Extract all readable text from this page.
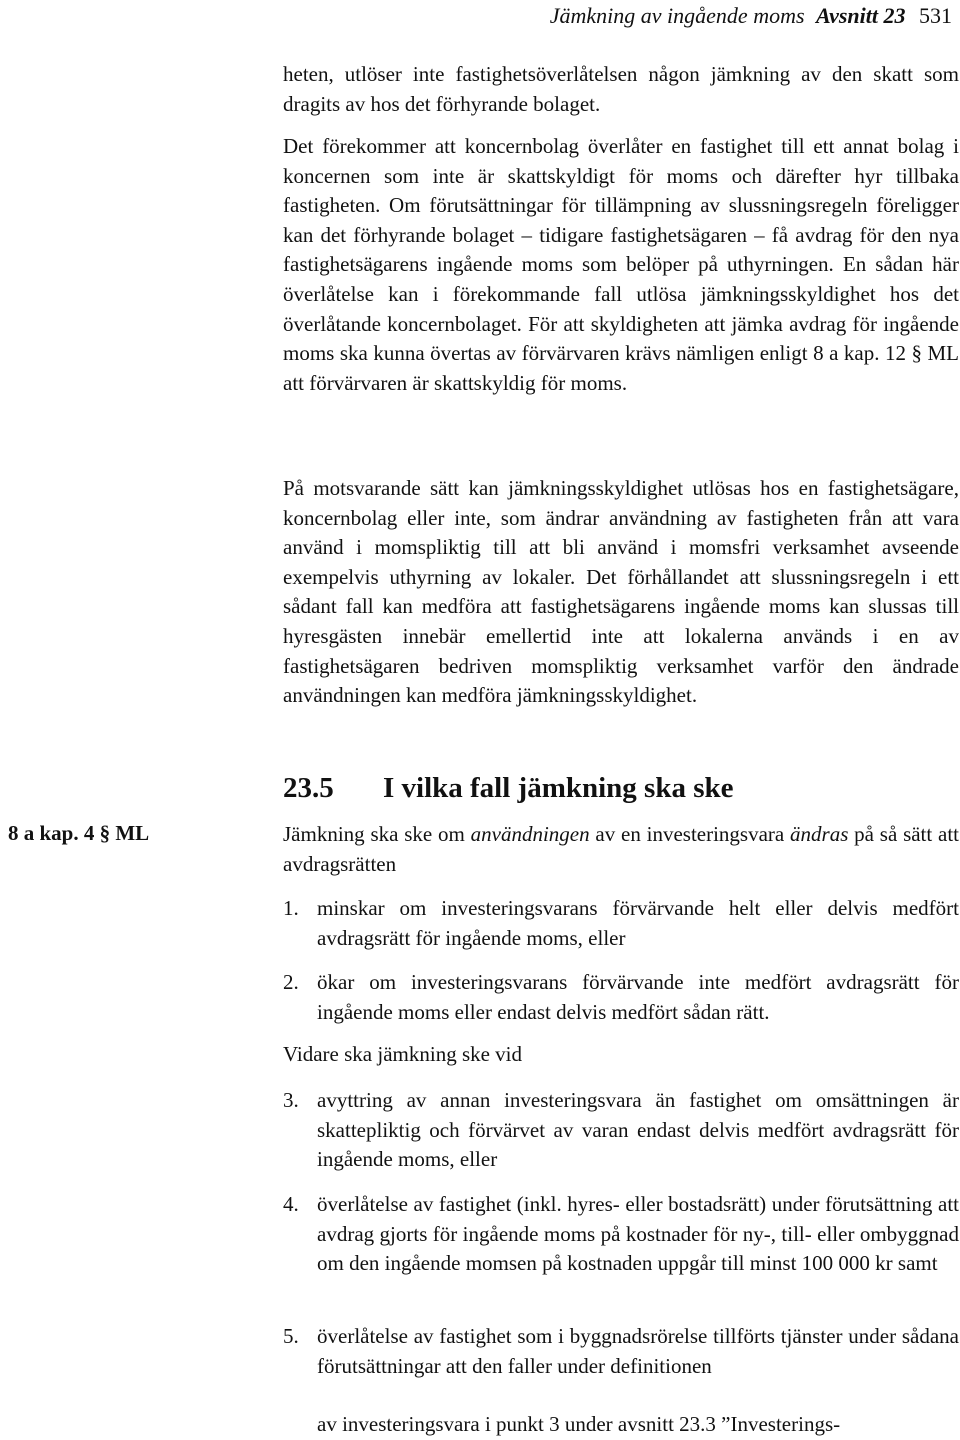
Jämkning av ingående moms Avsnitt 23 531

heten, utlöser inte fastighetsöverlåtelsen någon jämkning av den skatt som dragits av hos det förhyrande bolaget.

Det förekommer att koncernbolag överlåter en fastighet till ett annat bolag i koncernen som inte är skattskyldigt för moms och därefter hyr tillbaka fastigheten. Om förutsättningar för tillämpning av slussningsregeln föreligger kan det förhyrande bolaget – tidigare fastighetsägaren – få avdrag för den nya fastighetsägarens ingående moms som belöper på uthyrningen. En sådan här överlåtelse kan i förekommande fall utlösa jämkningsskyldighet hos det överlåtande koncernbolaget. För att skyldigheten att jämka avdrag för ingående moms ska kunna övertas av förvärvaren krävs nämligen enligt 8 a kap. 12 § ML att förvärvaren är skattskyldig för moms.

På motsvarande sätt kan jämkningsskyldighet utlösas hos en fastighetsägare, koncernbolag eller inte, som ändrar användning av fastigheten från att vara använd i momspliktig till att bli använd i momsfri verksamhet avseende exempelvis uthyrning av lokaler. Det förhållandet att slussningsregeln i ett sådant fall kan medföra att fastighetsägarens ingående moms kan slussas till hyresgästen innebär emellertid inte att lokalerna används i en av fastighetsägaren bedriven momspliktig verksamhet varför den ändrade användningen kan medföra jämkningsskyldighet.

23.5 I vilka fall jämkning ska ske
8 a kap. 4 § ML	Jämkning ska ske om användningen av en investeringsvara ändras på så sätt att avdragsrätten

1. minskar om investeringsvarans förvärvande helt eller delvis medfört avdragsrätt för ingående moms, eller
2. ökar om investeringsvarans förvärvande inte medfört avdragsrätt för ingående moms eller endast delvis medfört sådan rätt.

Vidare ska jämkning ske vid

3. avyttring av annan investeringsvara än fastighet om omsättningen är skattepliktig och förvärvet av varan endast delvis medfört avdragsrätt för ingående moms, eller
4. överlåtelse av fastighet (inkl. hyres- eller bostadsrätt) under förutsättning att avdrag gjorts för ingående moms på kostnader för ny-, till- eller ombyggnad om den ingående momsen på kostnaden uppgår till minst 100 000 kr samt
5. överlåtelse av fastighet som i byggnadsrörelse tillförts tjänster under sådana förutsättningar att den faller under definitionen
av investeringsvara i punkt 3 under avsnitt 23.3 ”Investerings-
